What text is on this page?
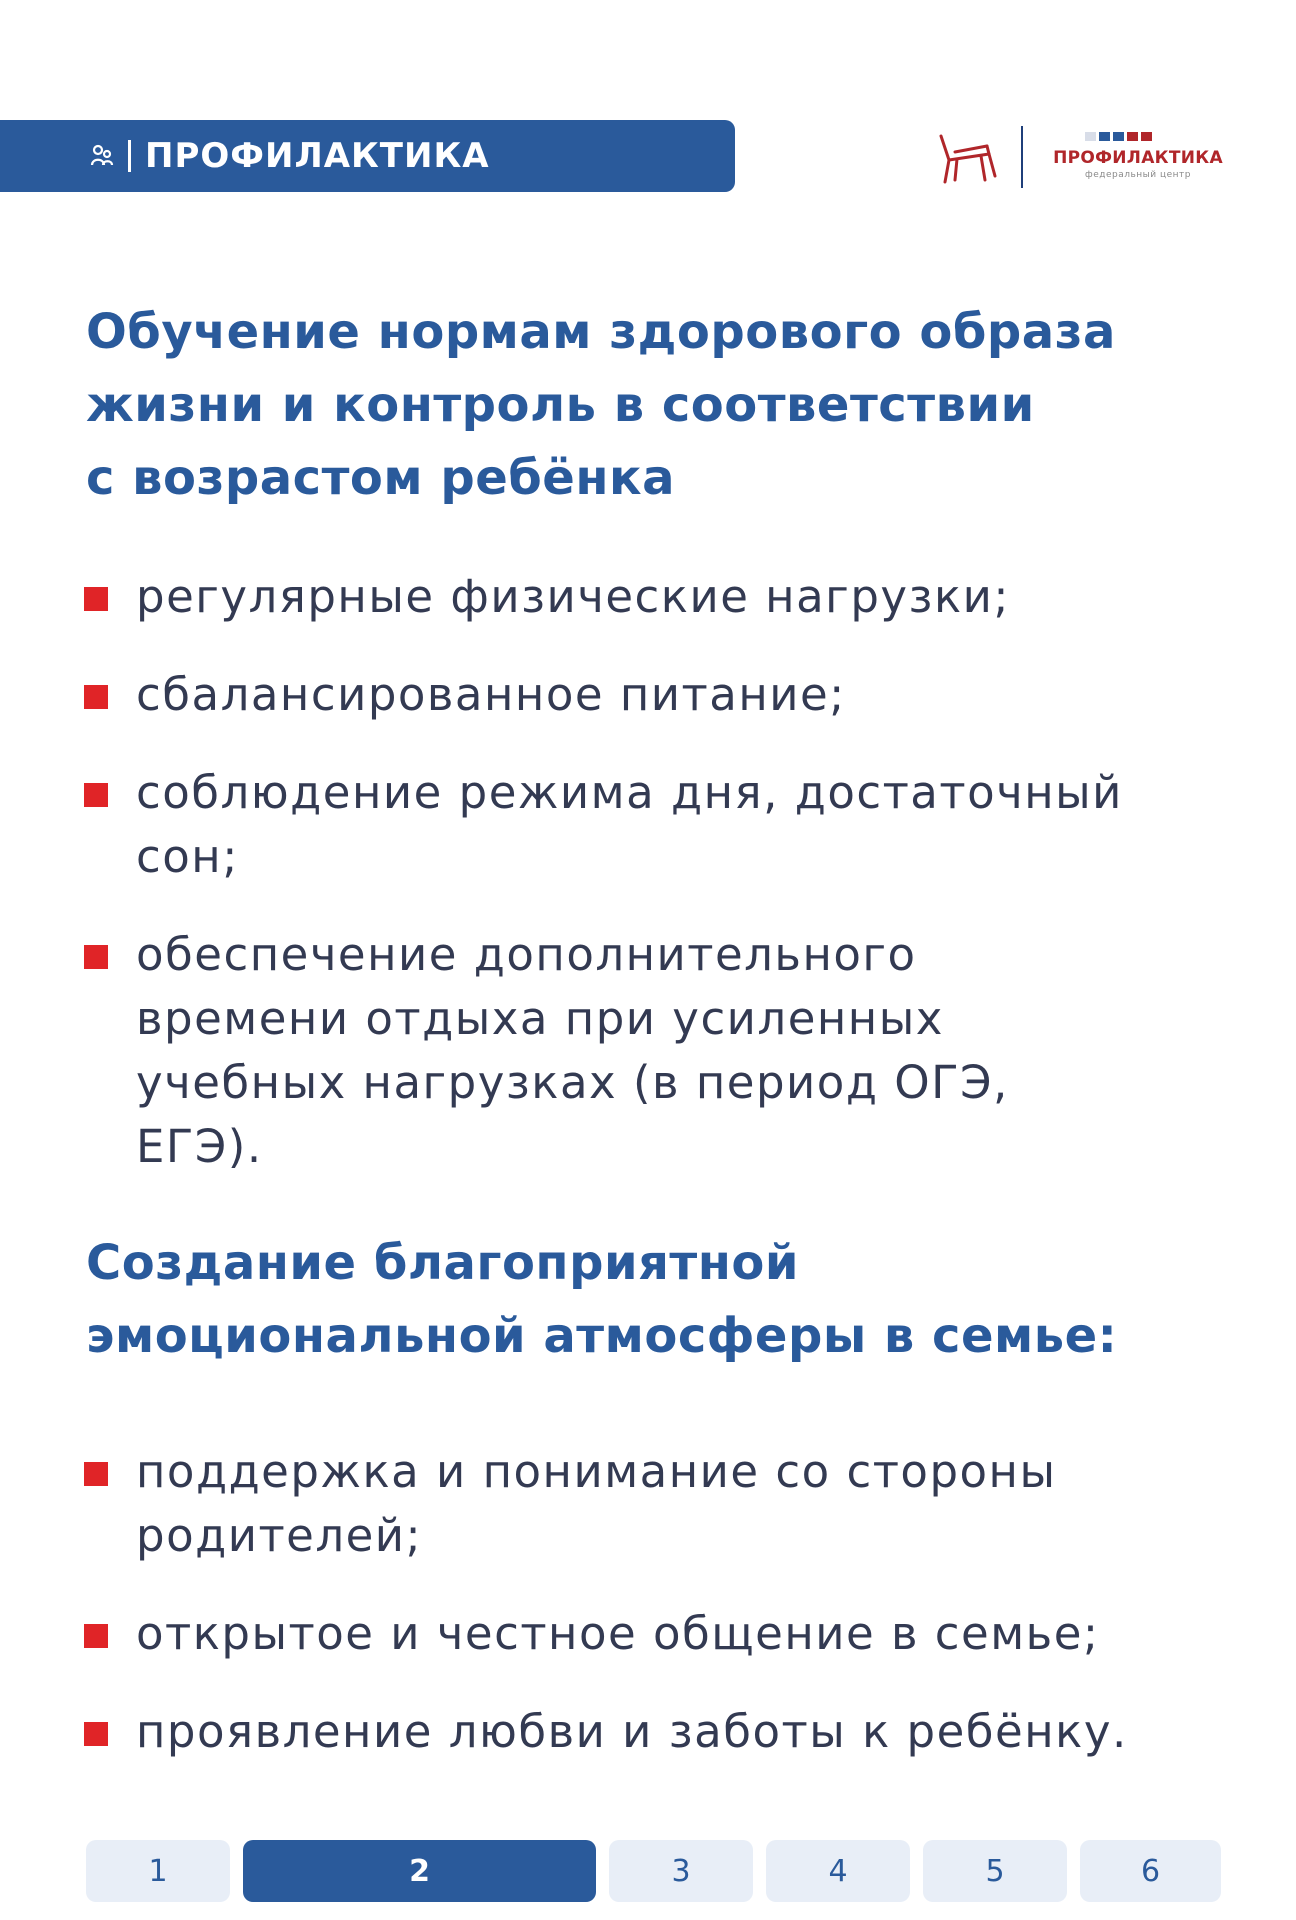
ПРОФИЛАКТИКА	ПРОФИЛАКТИКА
федеральный центр
Обучение нормам здорового образа
жизни и контроль в соответствии
с возрастом ребёнка
регулярные физические нагрузки;
сбалансированное питание;
соблюдение режима дня, достаточный
сон;
обеспечение дополнительного
времени отдыха при усиленных
учебных нагрузках (в период ОГЭ,
ЕГЭ).
Создание благоприятной
эмоциональной атмосферы в семье:
поддержка и понимание со стороны
родителей;
открытое и честное общение в семье;
проявление любви и заботы к ребёнку.
1	2	3	4	5	6
